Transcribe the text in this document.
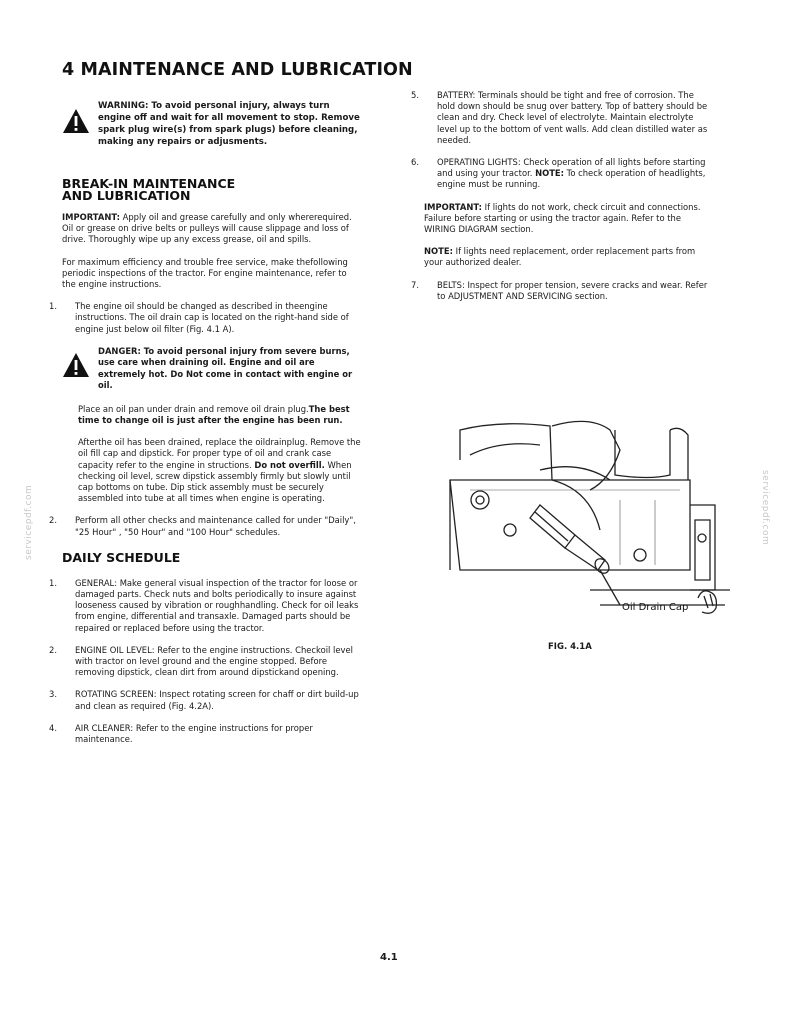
4 MAINTENANCE AND LUBRICATION
WARNING: To avoid personal injury, always turn engine off and wait for all movement to stop. Remove spark plug wire(s) from spark plugs) before cleaning, making any repairs or adjusments.
BREAK-IN MAINTENANCE
AND LUBRICATION

IMPORTANT: Apply oil and grease carefully and only whererequired. Oil or grease on drive belts or pulleys will cause slippage and loss of drive. Thoroughly wipe up any excess grease, oil and spills.

For maximum efficiency and trouble free service, make thefollowing periodic inspections of the tractor. For engine maintenance, refer to the engine instructions.

1. The engine oil should be changed as described in theengine instructions. The oil drain cap is located on the right-hand side of engine just below oil filter (Fig. 4.1 A).

DANGER: To avoid personal injury from severe burns, use care when draining oil. Engine and oil are extremely hot. Do Not come in contact with engine or oil.

Place an oil pan under drain and remove oil drain plug.The best time to change oil is just after the engine has been run.

Afterthe oil has been drained, replace the oildrainplug. Remove the oil fill cap and dipstick. For proper type of oil and crank case capacity refer to the engine in structions. Do not overfill. When checking oil level, screw dipstick assembly firmly but slowly until cap bottoms on tube. Dip stick assembly must be securely assembled into tube at all times when engine is operating.

2. Perform all other checks and maintenance called for under "Daily", "25 Hour" , "50 Hour" and "100 Hour" schedules.

DAILY SCHEDULE

1. GENERAL: Make general visual inspection of the tractor for loose or damaged parts. Check nuts and bolts periodically to insure against looseness caused by vibration or roughhandling. Check for oil leaks from engine, differential and transaxle. Damaged parts should be repaired or replaced before using the tractor.

2. ENGINE OIL LEVEL: Refer to the engine instructions. Checkoil level with tractor on level ground and the engine stopped. Before removing dipstick, clean dirt from around dipstickand opening.

3. ROTATING SCREEN: Inspect rotating screen for chaff or dirt build-up and clean as required (Fig. 4.2A).

4. AIR CLEANER: Refer to the engine instructions for proper maintenance.

5. BATTERY: Terminals should be tight and free of corrosion. The hold down should be snug over battery. Top of battery should be clean and dry. Check level of electrolyte. Maintain electrolyte level up to the bottom of vent walls. Add clean distilled water as needed.

6. OPERATING LIGHTS: Check operation of all lights before starting and using your tractor. NOTE: To check operation of headlights, engine must be running.

IMPORTANT: If lights do not work, check circuit and connections. Failure before starting or using the tractor again. Refer to the WIRING DIAGRAM section.

NOTE: If lights need replacement, order replacement parts from your authorized dealer.

7. BELTS: Inspect for proper tension, severe cracks and wear. Refer to ADJUSTMENT AND SERVICING section.

Oil Drain Cap
FIG. 4.1A
4.1
servicepdf.com	servicepdf.com
